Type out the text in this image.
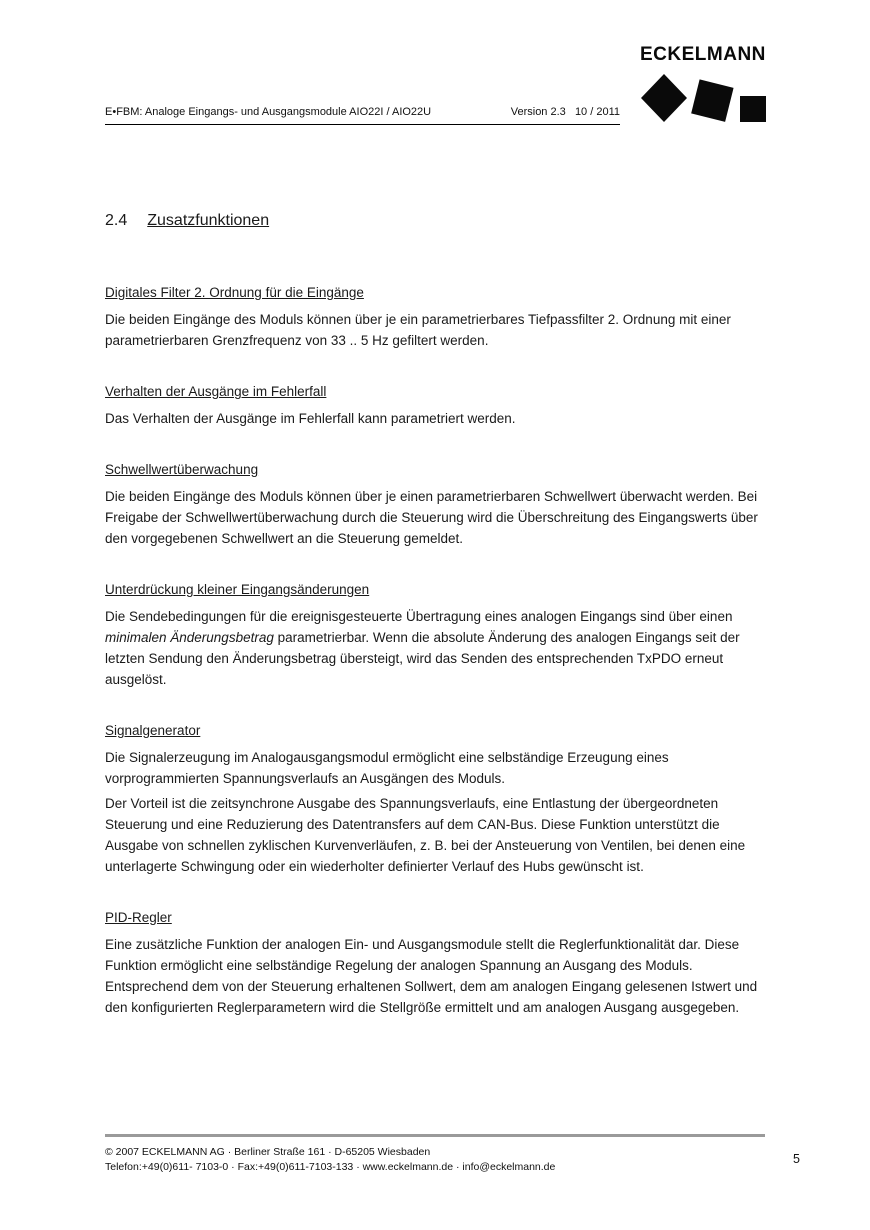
E•FBM: Analoge Eingangs- und Ausgangsmodule AIO22I / AIO22U	Version 2.3   10 / 2011
ECKELMANN
2.4 Zusatzfunktionen
Digitales Filter 2. Ordnung für die Eingänge

Die beiden Eingänge des Moduls können über je ein parametrierbares Tiefpassfilter 2. Ordnung mit einer parametrierbaren Grenzfrequenz von 33 .. 5 Hz gefiltert werden.

Verhalten der Ausgänge im Fehlerfall

Das Verhalten der Ausgänge im Fehlerfall kann parametriert werden.

Schwellwertüberwachung

Die beiden Eingänge des Moduls können über je einen parametrierbaren Schwellwert überwacht werden. Bei Freigabe der Schwellwertüberwachung durch die Steuerung wird die Überschreitung des Eingangswerts über den vorgegebenen Schwellwert an die Steuerung gemeldet.

Unterdrückung kleiner Eingangsänderungen

Die Sendebedingungen für die ereignisgesteuerte Übertragung eines analogen Eingangs sind über einen minimalen Änderungsbetrag parametrierbar. Wenn die absolute Änderung des analogen Eingangs seit der letzten Sendung den Änderungsbetrag übersteigt, wird das Senden des entsprechenden TxPDO erneut ausgelöst.

Signalgenerator

Die Signalerzeugung im Analogausgangsmodul ermöglicht eine selbständige Erzeugung eines vorprogrammierten Spannungsverlaufs an Ausgängen des Moduls.

Der Vorteil ist die zeitsynchrone Ausgabe des Spannungsverlaufs, eine Entlastung der übergeordneten Steuerung und eine Reduzierung des Datentransfers auf dem CAN-Bus. Diese Funktion unterstützt die Ausgabe von schnellen zyklischen Kurvenverläufen, z. B. bei der Ansteuerung von Ventilen, bei denen eine unterlagerte Schwingung oder ein wiederholter definierter Verlauf des Hubs gewünscht ist.

PID-Regler

Eine zusätzliche Funktion der analogen Ein- und Ausgangsmodule stellt die Reglerfunktionalität dar. Diese Funktion ermöglicht eine selbständige Regelung der analogen Spannung an Ausgang des Moduls. Entsprechend dem von der Steuerung erhaltenen Sollwert, dem am analogen Eingang gelesenen Istwert und den konfigurierten Reglerparametern wird die Stellgröße ermittelt und am analogen Ausgang ausgegeben.

© 2007 ECKELMANN AG · Berliner Straße 161 · D-65205 Wiesbaden
Telefon:+49(0)611- 7103-0 · Fax:+49(0)611-7103-133 · www.eckelmann.de · info@eckelmann.de
5
